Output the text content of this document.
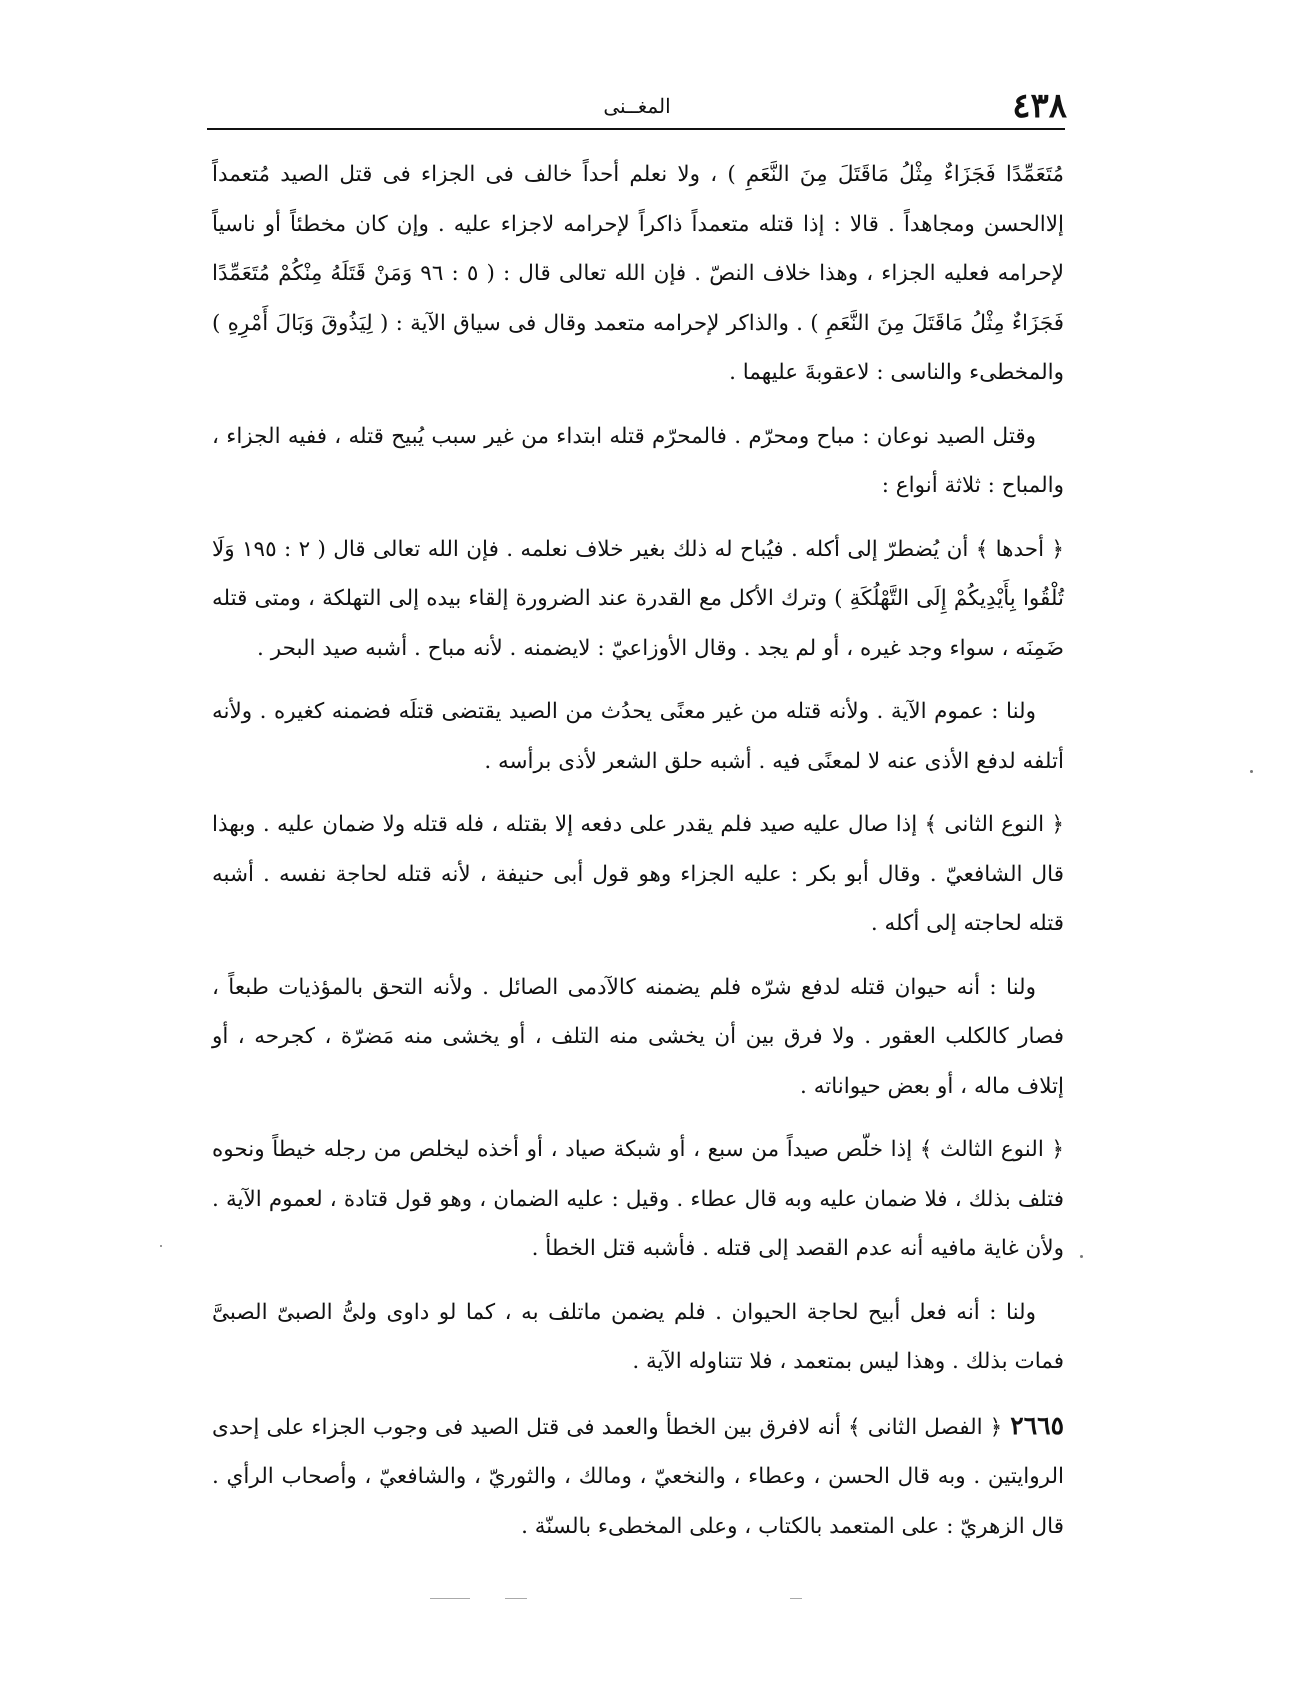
٤٣٨
المغــنى

مُتَعَمِّدًا فَجَزَاءٌ مِثْلُ مَاقَتَلَ مِنَ النَّعَمِ ) ، ولا نعلم أحداً خالف فى الجزاء فى قتل الصيد مُتعمداً إلاالحسن ومجاهداً . قالا : إذا قتله متعمداً ذاكراً لإحرامه لاجزاء عليه . وإن كان مخطئاً أو ناسياً لإحرامه فعليه الجزاء ، وهذا خلاف النصّ . فإن الله تعالى قال : ( ٥ : ٩٦ وَمَنْ قَتَلَهُ مِنْكُمْ مُتَعَمِّدًا فَجَزَاءٌ مِثْلُ مَاقَتَلَ مِنَ النَّعَمِ ) . والذاكر لإحرامه متعمد وقال فى سياق الآية : ( لِيَذُوقَ وَبَالَ أَمْرِهِ ) والمخطىء والناسى : لاعقوبةَ عليهما .

وقتل الصيد نوعان : مباح ومحرّم . فالمحرّم قتله ابتداء من غير سبب يُبيح قتله ، ففيه الجزاء ، والمباح : ثلاثة أنواع :

﴿ أحدها ﴾ أن يُضطرّ إلى أكله . فيُباح له ذلك بغير خلاف نعلمه . فإن الله تعالى قال ( ٢ : ١٩٥ وَلَا تُلْقُوا بِأَيْدِيكُمْ إِلَى التَّهْلُكَةِ ) وترك الأكل مع القدرة عند الضرورة إلقاء بيده إلى التهلكة ، ومتى قتله ضَمِنَه ، سواء وجد غيره ، أو لم يجد . وقال الأوزاعيّ : لايضمنه . لأنه مباح . أشبه صيد البحر .

ولنا : عموم الآية . ولأنه قتله من غير معنًى يحدُث من الصيد يقتضى قتلَه فضمنه كغيره . ولأنه أتلفه لدفع الأذى عنه لا لمعنًى فيه . أشبه حلق الشعر لأذى برأسه .

﴿ النوع الثانى ﴾ إذا صال عليه صيد فلم يقدر على دفعه إلا بقتله ، فله قتله ولا ضمان عليه . وبهذا قال الشافعيّ . وقال أبو بكر : عليه الجزاء وهو قول أبى حنيفة ، لأنه قتله لحاجة نفسه . أشبه قتله لحاجته إلى أكله .

ولنا : أنه حيوان قتله لدفع شرّه فلم يضمنه كالآدمى الصائل . ولأنه التحق بالمؤذيات طبعاً ، فصار كالكلب العقور . ولا فرق بين أن يخشى منه التلف ، أو يخشى منه مَضرّة ، كجرحه ، أو إتلاف ماله ، أو بعض حيواناته .

﴿ النوع الثالث ﴾ إذا خلّص صيداً من سبع ، أو شبكة صياد ، أو أخذه ليخلص من رجله خيطاً ونحوه فتلف بذلك ، فلا ضمان عليه وبه قال عطاء . وقيل : عليه الضمان ، وهو قول قتادة ، لعموم الآية . ولأن غاية مافيه أنه عدم القصد إلى قتله . فأشبه قتل الخطأ .

ولنا : أنه فعل أبيح لحاجة الحيوان . فلم يضمن ماتلف به ، كما لو داوى ولىُّ الصبىّ الصبىَّ فمات بذلك . وهذا ليس بمتعمد ، فلا تتناوله الآية .

٢٦٦٥﴿ الفصل الثانى ﴾ أنه لافرق بين الخطأ والعمد فى قتل الصيد فى وجوب الجزاء على إحدى الروايتين . وبه قال الحسن ، وعطاء ، والنخعيّ ، ومالك ، والثوريّ ، والشافعيّ ، وأصحاب الرأي . قال الزهريّ : على المتعمد بالكتاب ، وعلى المخطىء بالسنّة .
